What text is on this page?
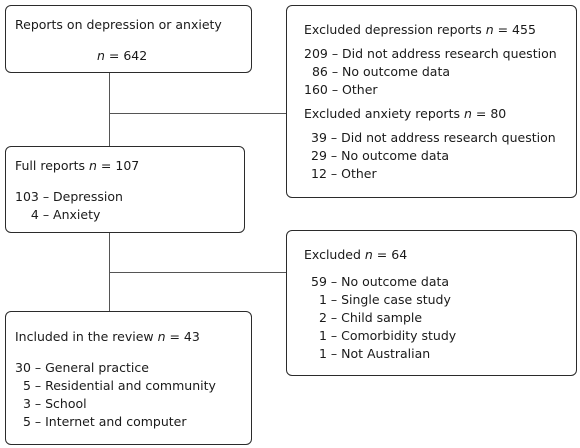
Reports on depression or anxiety
n = 642
Excluded depression reports n = 455
209 – Did not address research question
86 – No outcome data
160 – Other
Excluded anxiety reports n = 80
39 – Did not address research question
29 – No outcome data
12 – Other
Full reports n = 107
103 – Depression
4 – Anxiety
Excluded n = 64
59 – No outcome data
1 – Single case study
2 – Child sample
1 – Comorbidity study
1 – Not Australian
Included in the review n = 43
30 – General practice
5 – Residential and community
3 – School
5 – Internet and computer
